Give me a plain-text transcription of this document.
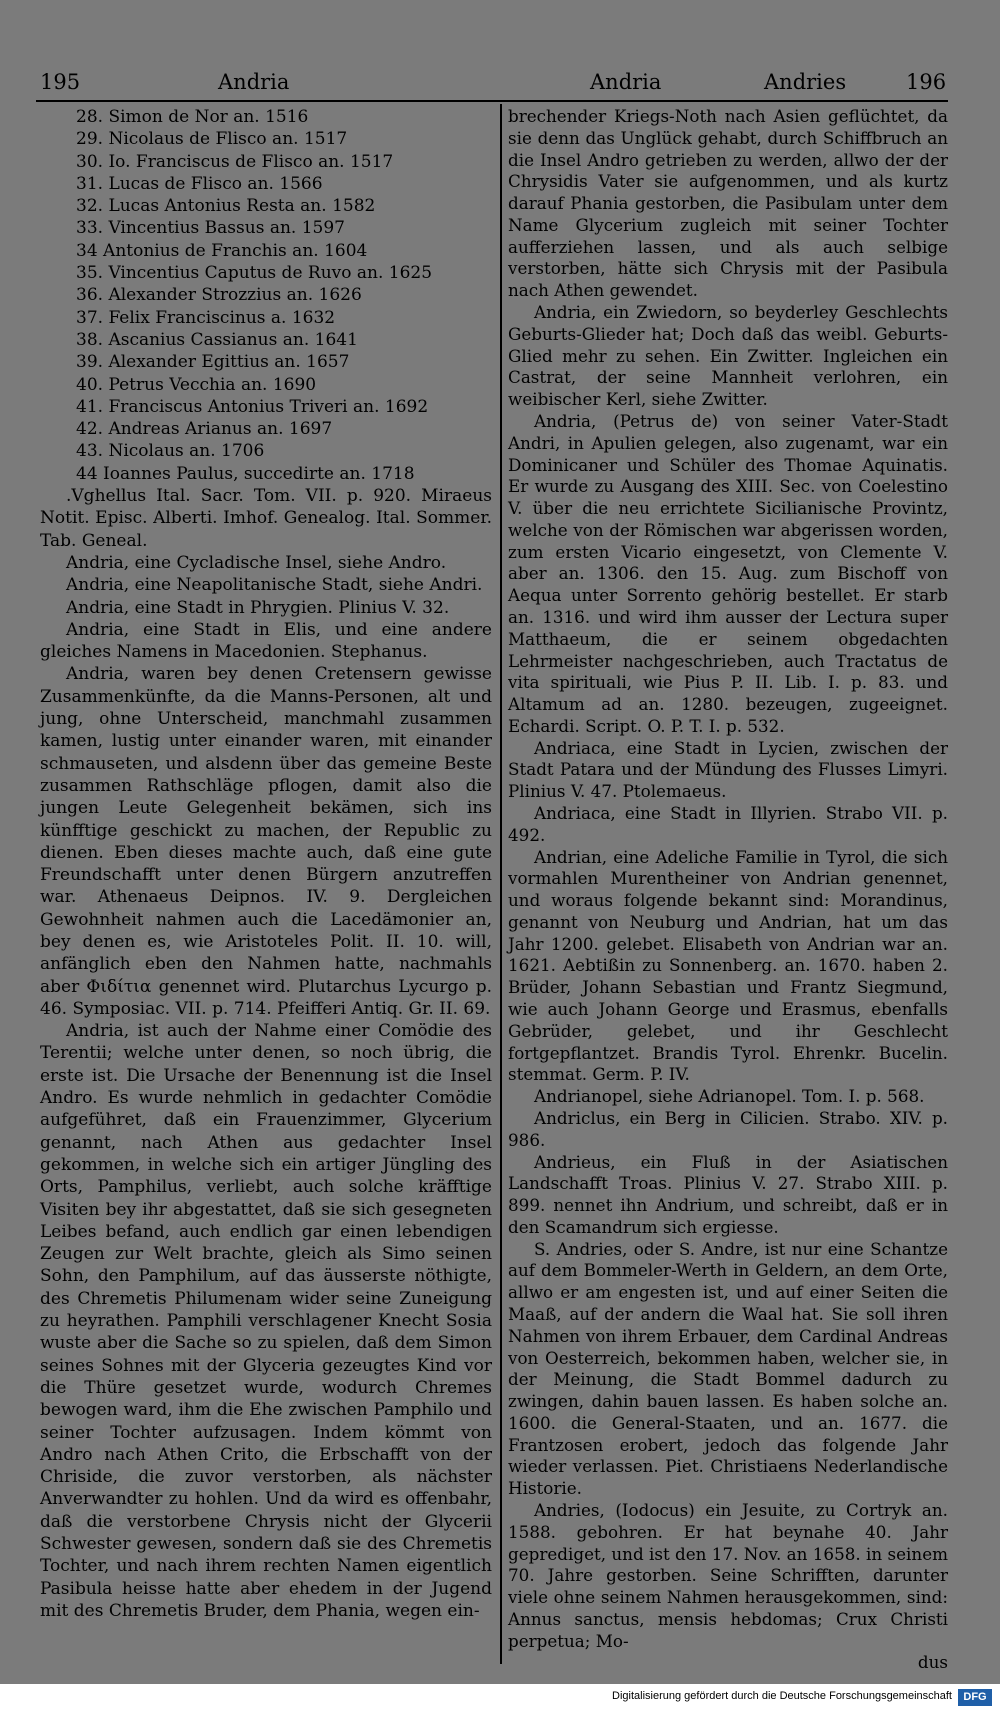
195	Andria	Andria	Andries	196
28. Simon de Nor an. 1516
29. Nicolaus de Flisco an. 1517
30. Io. Franciscus de Flisco an. 1517
31. Lucas de Flisco an. 1566
32. Lucas Antonius Resta an. 1582
33. Vincentius Bassus an. 1597
34 Antonius de Franchis an. 1604
35. Vincentius Caputus de Ruvo an. 1625
36. Alexander Strozzius an. 1626
37. Felix Franciscinus a. 1632
38. Ascanius Cassianus an. 1641
39. Alexander Egittius an. 1657
40. Petrus Vecchia an. 1690
41. Franciscus Antonius Triveri an. 1692
42. Andreas Arianus an. 1697
43. Nicolaus an. 1706
44 Ioannes Paulus, succedirte an. 1718

.Vghellus Ital. Sacr. Tom. VII. p. 920. Miraeus Notit. Episc. Alberti. Imhof. Genealog. Ital. Sommer. Tab. Geneal.

Andria, eine Cycladische Insel, siehe Andro.

Andria, eine Neapolitanische Stadt, siehe Andri.

Andria, eine Stadt in Phrygien. Plinius V. 32.

Andria, eine Stadt in Elis, und eine andere gleiches Namens in Macedonien. Stephanus.

Andria, waren bey denen Cretensern gewisse Zusammenkünfte, da die Manns-Personen, alt und jung, ohne Unterscheid, manchmahl zusammen kamen, lustig unter einander waren, mit einander schmauseten, und alsdenn über das gemeine Beste zusammen Rathschläge pflogen, damit also die jungen Leute Gelegenheit bekämen, sich ins künfftige geschickt zu machen, der Republic zu dienen. Eben dieses machte auch, daß eine gute Freundschafft unter denen Bürgern anzutreffen war. Athenaeus Deipnos. IV. 9. Dergleichen Gewohnheit nahmen auch die Lacedämonier an, bey denen es, wie Aristoteles Polit. II. 10. will, anfänglich eben den Nahmen hatte, nachmahls aber Φιδίτια genennet wird. Plutarchus Lycurgo p. 46. Symposiac. VII. p. 714. Pfeifferi Antiq. Gr. II. 69.

Andria, ist auch der Nahme einer Comödie des Terentii; welche unter denen, so noch übrig, die erste ist. Die Ursache der Benennung ist die Insel Andro. Es wurde nehmlich in gedachter Comödie aufgeführet, daß ein Frauenzimmer, Glycerium genannt, nach Athen aus gedachter Insel gekommen, in welche sich ein artiger Jüngling des Orts, Pamphilus, verliebt, auch solche kräfftige Visiten bey ihr abgestattet, daß sie sich gesegneten Leibes befand, auch endlich gar einen lebendigen Zeugen zur Welt brachte, gleich als Simo seinen Sohn, den Pamphilum, auf das äusserste nöthigte, des Chremetis Philumenam wider seine Zuneigung zu heyrathen. Pamphili verschlagener Knecht Sosia wuste aber die Sache so zu spielen, daß dem Simon seines Sohnes mit der Glyceria gezeugtes Kind vor die Thüre gesetzet wurde, wodurch Chremes bewogen ward, ihm die Ehe zwischen Pamphilo und seiner Tochter aufzusagen. Indem kömmt von Andro nach Athen Crito, die Erbschafft von der Chriside, die zuvor verstorben, als nächster Anverwandter zu hohlen. Und da wird es offenbahr, daß die verstorbene Chrysis nicht der Glycerii Schwester gewesen, sondern daß sie des Chremetis Tochter, und nach ihrem rechten Namen eigentlich Pasibula heisse hatte aber ehedem in der Jugend mit des Chremetis Bruder, dem Phania, wegen ein-

brechender Kriegs-Noth nach Asien geflüchtet, da sie denn das Unglück gehabt, durch Schiffbruch an die Insel Andro getrieben zu werden, allwo der der Chrysidis Vater sie aufgenommen, und als kurtz darauf Phania gestorben, die Pasibulam unter dem Name Glycerium zugleich mit seiner Tochter aufferziehen lassen, und als auch selbige verstorben, hätte sich Chrysis mit der Pasibula nach Athen gewendet.

Andria, ein Zwiedorn, so beyderley Geschlechts Geburts-Glieder hat; Doch daß das weibl. Geburts-Glied mehr zu sehen. Ein Zwitter. Ingleichen ein Castrat, der seine Mannheit verlohren, ein weibischer Kerl, siehe Zwitter.

Andria, (Petrus de) von seiner Vater-Stadt Andri, in Apulien gelegen, also zugenamt, war ein Dominicaner und Schüler des Thomae Aquinatis. Er wurde zu Ausgang des XIII. Sec. von Coelestino V. über die neu errichtete Sicilianische Provintz, welche von der Römischen war abgerissen worden, zum ersten Vicario eingesetzt, von Clemente V. aber an. 1306. den 15. Aug. zum Bischoff von Aequa unter Sorrento gehörig bestellet. Er starb an. 1316. und wird ihm ausser der Lectura super Matthaeum, die er seinem obgedachten Lehrmeister nachgeschrieben, auch Tractatus de vita spirituali, wie Pius P. II. Lib. I. p. 83. und Altamum ad an. 1280. bezeugen, zugeeignet. Echardi. Script. O. P. T. I. p. 532.

Andriaca, eine Stadt in Lycien, zwischen der Stadt Patara und der Mündung des Flusses Limyri. Plinius V. 47. Ptolemaeus.

Andriaca, eine Stadt in Illyrien. Strabo VII. p. 492.

Andrian, eine Adeliche Familie in Tyrol, die sich vormahlen Murentheiner von Andrian genennet, und woraus folgende bekannt sind: Morandinus, genannt von Neuburg und Andrian, hat um das Jahr 1200. gelebet. Elisabeth von Andrian war an. 1621. Aebtißin zu Sonnenberg. an. 1670. haben 2. Brüder, Johann Sebastian und Frantz Siegmund, wie auch Johann George und Erasmus, ebenfalls Gebrüder, gelebet, und ihr Geschlecht fortgepflantzet. Brandis Tyrol. Ehrenkr. Bucelin. stemmat. Germ. P. IV.

Andrianopel, siehe Adrianopel. Tom. I. p. 568.

Andriclus, ein Berg in Cilicien. Strabo. XIV. p. 986.

Andrieus, ein Fluß in der Asiatischen Landschafft Troas. Plinius V. 27. Strabo XIII. p. 899. nennet ihn Andrium, und schreibt, daß er in den Scamandrum sich ergiesse.

S. Andries, oder S. Andre, ist nur eine Schantze auf dem Bommeler-Werth in Geldern, an dem Orte, allwo er am engesten ist, und auf einer Seiten die Maaß, auf der andern die Waal hat. Sie soll ihren Nahmen von ihrem Erbauer, dem Cardinal Andreas von Oesterreich, bekommen haben, welcher sie, in der Meinung, die Stadt Bommel dadurch zu zwingen, dahin bauen lassen. Es haben solche an. 1600. die General-Staaten, und an. 1677. die Frantzosen erobert, jedoch das folgende Jahr wieder verlassen. Piet. Christiaens Nederlandische Historie.

Andries, (Iodocus) ein Jesuite, zu Cortryk an. 1588. gebohren. Er hat beynahe 40. Jahr geprediget, und ist den 17. Nov. an 1658. in seinem 70. Jahre gestorben. Seine Schrifften, darunter viele ohne seinem Nahmen herausgekommen, sind: Annus sanctus, mensis hebdomas; Crux Christi perpetua; Mo-

dus
Digitalisierung gefördert durch die Deutsche Forschungsgemeinschaft	DFG
